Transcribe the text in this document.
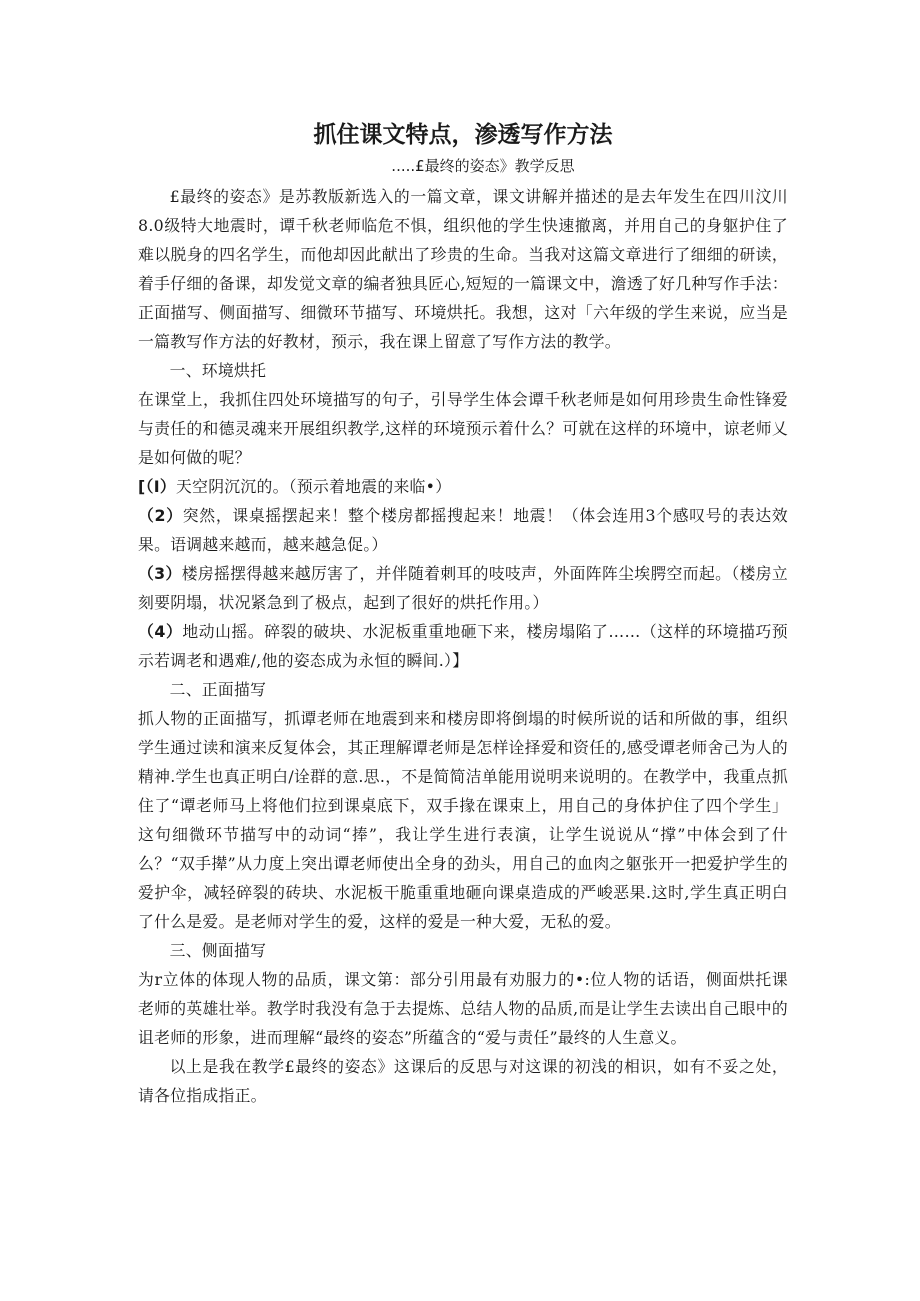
抓住课文特点，渗透写作方法
.....£最终的姿态》教学反思

£最终的姿态》是苏教版新选入的一篇文章，课文讲解并描述的是去年发生在四川汶川8.0级特大地震时，谭千秋老师临危不惧，组织他的学生快速撤离，并用自己的身躯护住了难以脱身的四名学生，而他却因此献出了珍贵的生命。当我对这篇文章进行了细细的研读，着手仔细的备课，却发觉文章的编者独具匠心,短短的一篇课文中，澹透了好几种写作手法：正面描写、侧面描写、细微环节描写、环境烘托。我想，这对「六年级的学生来说，应当是一篇教写作方法的好教材，预示，我在课上留意了写作方法的教学。

一、环境烘托

在课堂上，我抓住四处环境描写的句子，引导学生体会谭千秋老师是如何用珍贵生命性锋爱与责任的和德灵魂来开展组织教学,这样的环境预示着什么？可就在这样的环境中，谅老师乂是如何做的呢？

[（I）天空阴沉沉的。（预示着地震的来临•）

（2）突然，课桌摇摆起来！整个楼房都摇搜起来！地震！（体会连用3个感叹号的表达效果。语调越来越而，越来越急促。）

（3）楼房摇摆得越来越厉害了，并伴随着刺耳的吱吱声，外面阵阵尘埃腭空而起。（楼房立刻要阴塌，状况紧急到了极点，起到了很好的烘托作用。）

（4）地动山摇。碎裂的破块、水泥板重重地砸下来，楼房塌陷了……（这样的环境描巧预示若调老和遇难/,他的姿态成为永恒的瞬间.）】

二、正面描写

抓人物的正面描写，抓谭老师在地震到来和楼房即将倒塌的时候所说的话和所做的事，组织学生通过读和演来反复体会，其正理解谭老师是怎样诠择爱和资任的,感受谭老师舍己为人的精神.学生也真正明白/诠群的意.思.，不是简简洁单能用说明来说明的。在教学中，我重点抓住了“谭老师马上将他们拉到课桌底下，双手掾在课束上，用自己的身体护住了四个学生」这句细微环节描写中的动词“捧”，我让学生进行表演，让学生说说从“撑”中体会到了什么？“双手撵”从力度上突出谭老师使出全身的劲头，用自己的血肉之躯张开一把爱护学生的爱护伞，减轻碎裂的砖块、水泥板干脆重重地砸向课桌造成的严峻恶果.这时,学生真正明白了什么是爱。是老师对学生的爱，这样的爱是一种大爱，无私的爱。

三、侧面描写

为r立体的体现人物的品质，课文第：部分引用最有劝服力的•:位人物的话语，侧面烘托课老师的英雄壮举。教学时我没有急于去提炼、总结人物的品质,而是让学生去读出自己眼中的诅老师的形象，进而理解“最终的姿态”所蕴含的“爱与责任”最终的人生意义。

以上是我在教学£最终的姿态》这课后的反思与对这课的初浅的相识，如有不妥之处，请各位指成指正。
